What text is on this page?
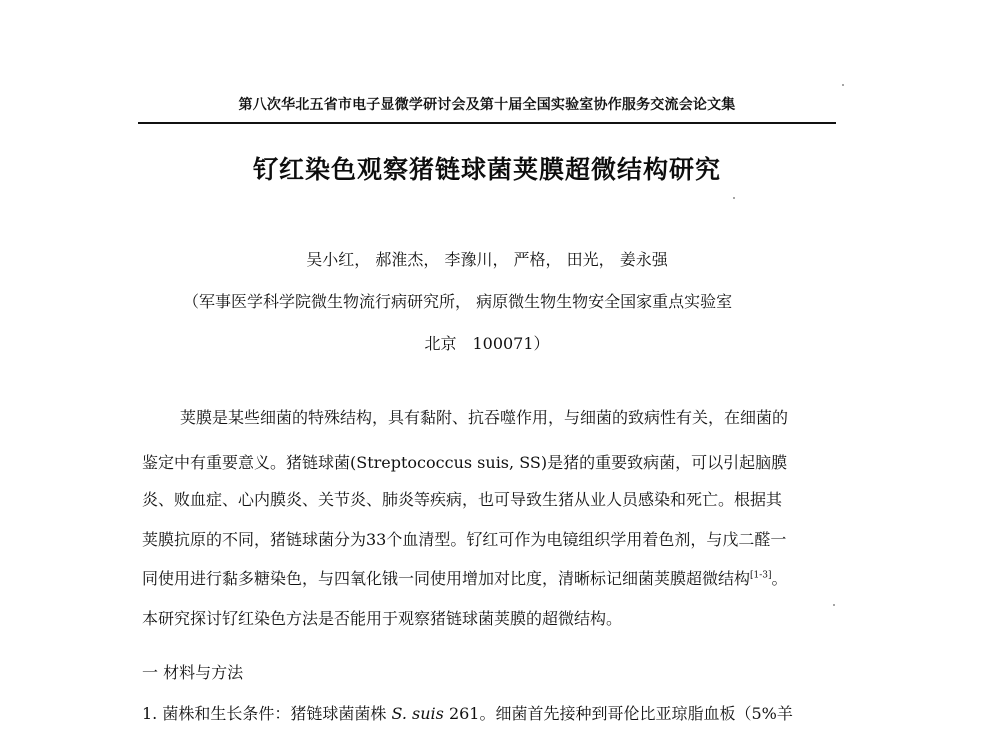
第八次华北五省市电子显微学研讨会及第十届全国实验室协作服务交流会论文集
钌红染色观察猪链球菌荚膜超微结构研究
吴小红， 郝淮杰， 李豫川， 严格， 田光， 姜永强
（军事医学科学院微生物流行病研究所， 病原微生物生物安全国家重点实验室
北京　100071）
荚膜是某些细菌的特殊结构，具有黏附、抗吞噬作用，与细菌的致病性有关，在细菌的
鉴定中有重要意义。猪链球菌(Streptococcus suis, SS)是猪的重要致病菌，可以引起脑膜
炎、败血症、心内膜炎、关节炎、肺炎等疾病，也可导致生猪从业人员感染和死亡。根据其
荚膜抗原的不同，猪链球菌分为33个血清型。钌红可作为电镜组织学用着色剂，与戊二醛一
同使用进行黏多糖染色，与四氧化锇一同使用增加对比度，清晰标记细菌荚膜超微结构[1-3]。
本研究探讨钌红染色方法是否能用于观察猪链球菌荚膜的超微结构。
一 材料与方法
1. 菌株和生长条件：猪链球菌菌株 S. suis 261。细菌首先接种到哥伦比亚琼脂血板（5%羊
